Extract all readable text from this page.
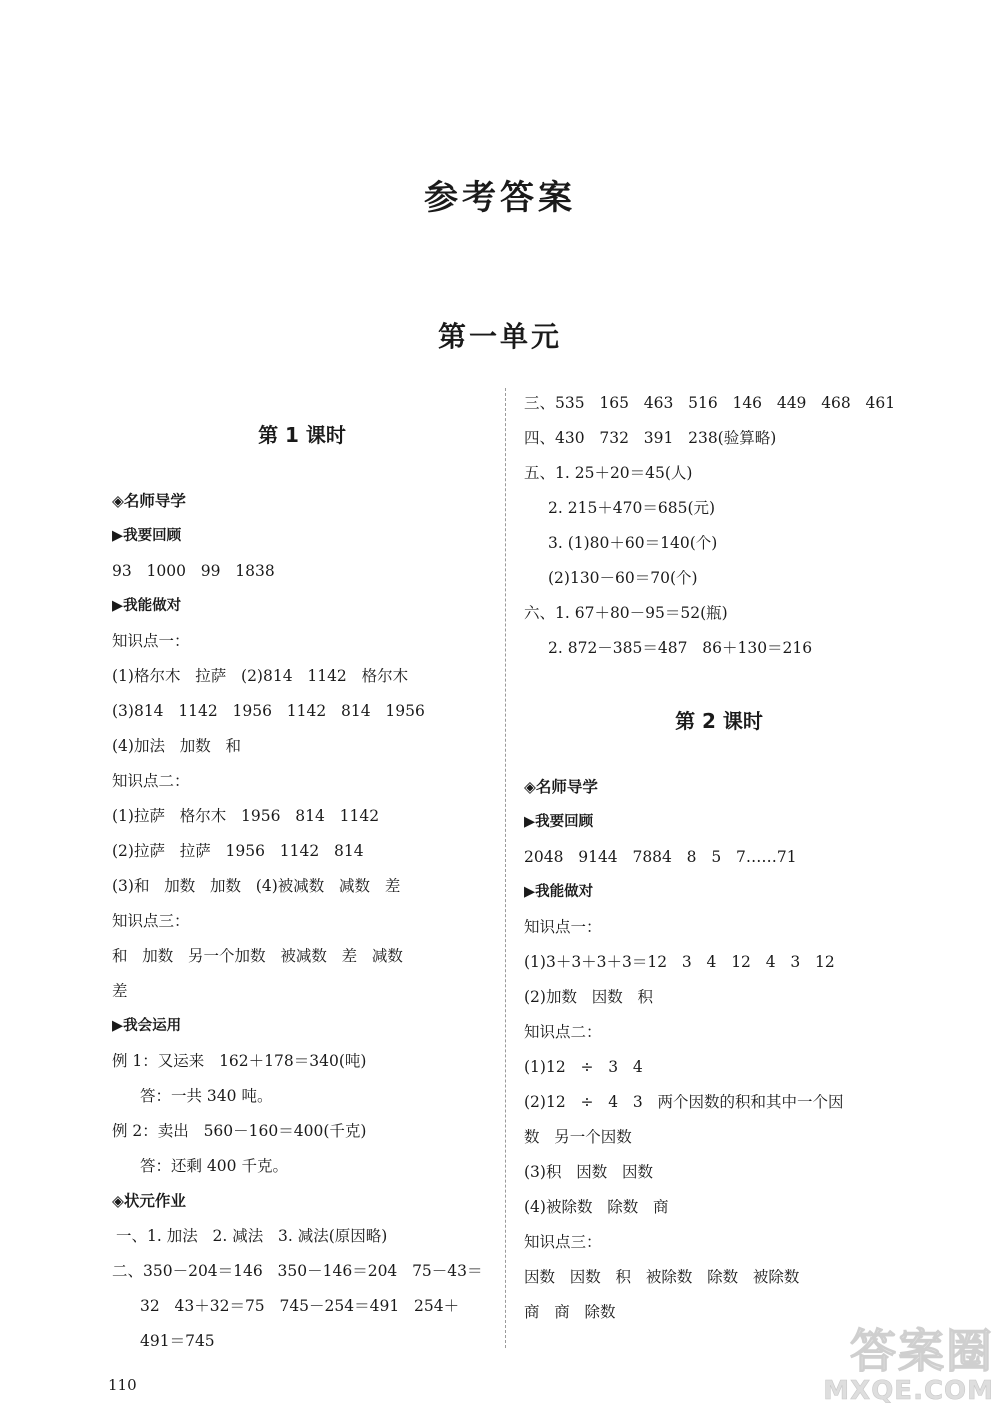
参考答案
第一单元
第 1 课时
◈名师导学
▶我要回顾
93   1000   99   1838
▶我能做对
知识点一：
(1)格尔木   拉萨   (2)814   1142   格尔木
(3)814   1142   1956   1142   814   1956
(4)加法   加数   和
知识点二：
(1)拉萨   格尔木   1956   814   1142
(2)拉萨   拉萨   1956   1142   814
(3)和   加数   加数   (4)被减数   减数   差
知识点三：
和   加数   另一个加数   被减数   差   减数
差
▶我会运用
例 1：又运来   162＋178＝340(吨)
答：一共 340 吨。
例 2：卖出   560－160＝400(千克)
答：还剩 400 千克。
◈状元作业
一、1. 加法   2. 减法   3. 减法(原因略)
二、350－204＝146   350－146＝204   75－43＝
32   43＋32＝75   745－254＝491   254＋
491＝745
三、535   165   463   516   146   449   468   461
四、430   732   391   238(验算略)
五、1. 25＋20＝45(人)
2. 215＋470＝685(元)
3. (1)80＋60＝140(个)
(2)130－60＝70(个)
六、1. 67＋80－95＝52(瓶)
2. 872－385＝487   86＋130＝216
第 2 课时
◈名师导学
▶我要回顾
2048   9144   7884   8   5   7……71
▶我能做对
知识点一：
(1)3＋3＋3＋3＝12   3   4   12   4   3   12
(2)加数   因数   积
知识点二：
(1)12   ÷   3   4
(2)12   ÷   4   3   两个因数的积和其中一个因
数   另一个因数
(3)积   因数   因数
(4)被除数   除数   商
知识点三：
因数   因数   积   被除数   除数   被除数
商   商   除数
110
答案圈
MXQE.COM
